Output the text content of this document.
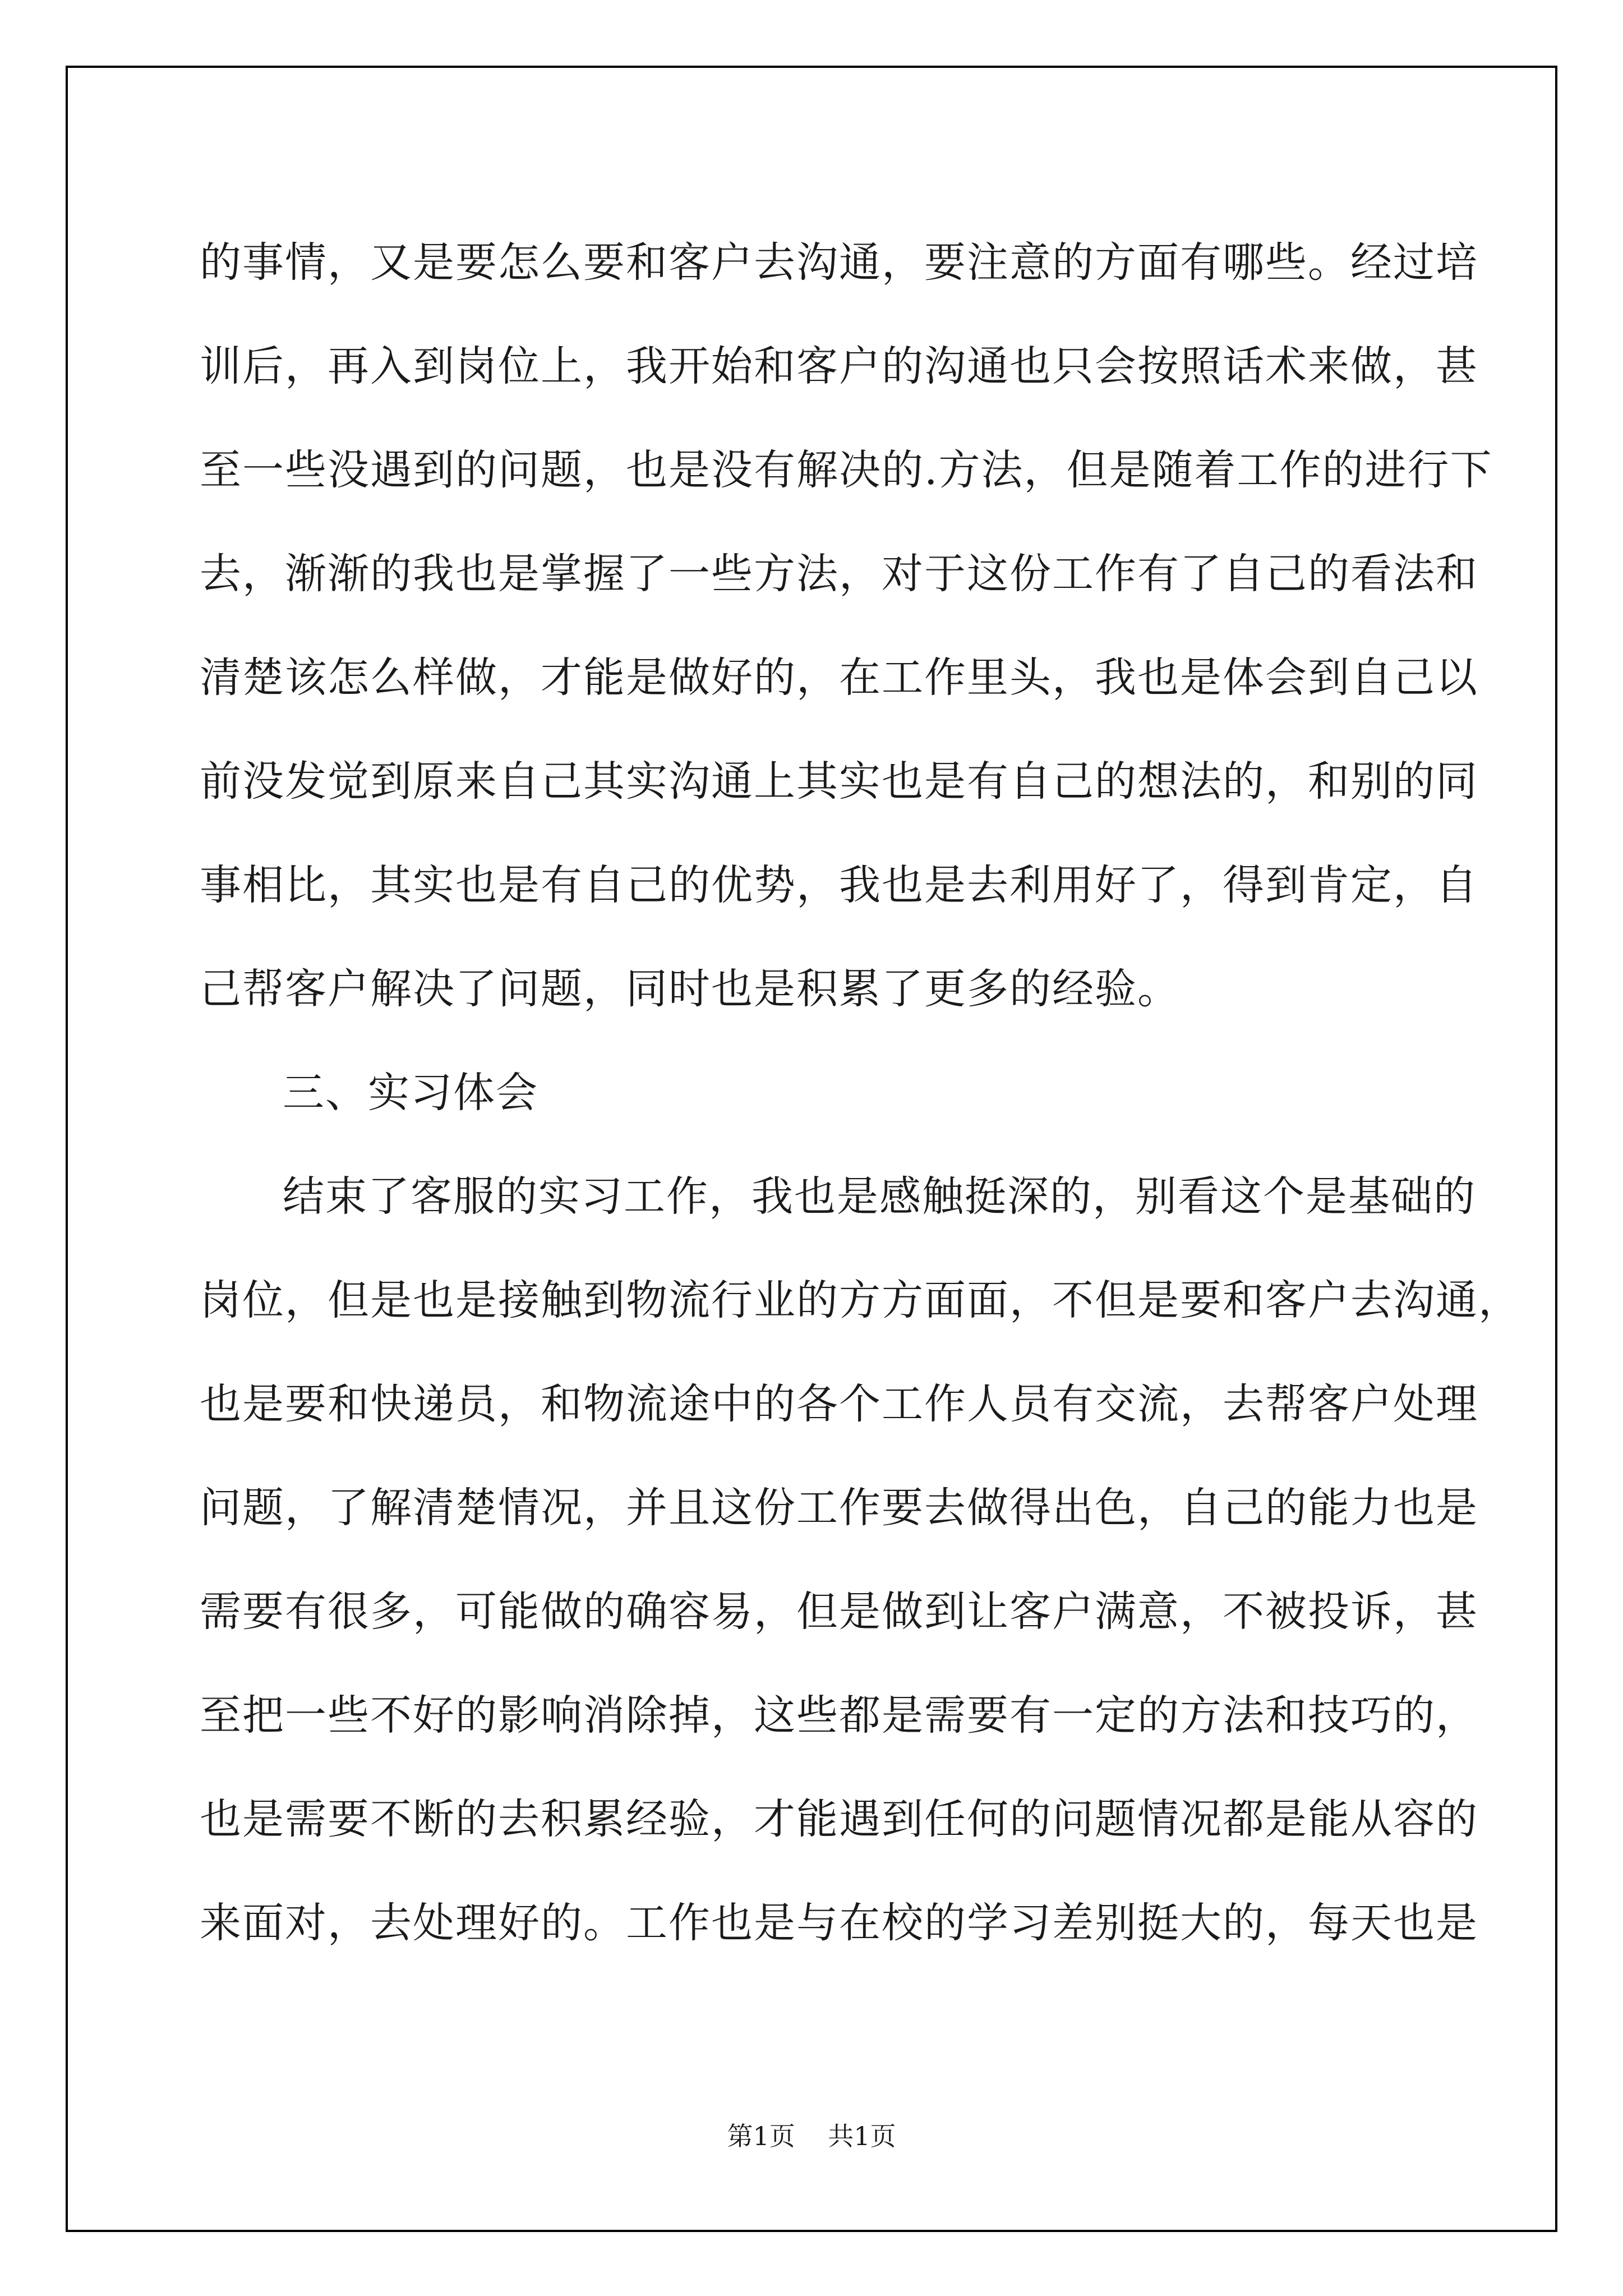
的事情，又是要怎么要和客户去沟通，要注意的方面有哪些。经过培
训后，再入到岗位上，我开始和客户的沟通也只会按照话术来做，甚
至一些没遇到的问题，也是没有解决的.方法，但是随着工作的进行下
去，渐渐的我也是掌握了一些方法，对于这份工作有了自己的看法和
清楚该怎么样做，才能是做好的，在工作里头，我也是体会到自己以
前没发觉到原来自己其实沟通上其实也是有自己的想法的，和别的同
事相比，其实也是有自己的优势，我也是去利用好了，得到肯定，自
己帮客户解决了问题，同时也是积累了更多的经验。
三、实习体会
结束了客服的实习工作，我也是感触挺深的，别看这个是基础的
岗位，但是也是接触到物流行业的方方面面，不但是要和客户去沟通，
也是要和快递员，和物流途中的各个工作人员有交流，去帮客户处理
问题，了解清楚情况，并且这份工作要去做得出色，自己的能力也是
需要有很多，可能做的确容易，但是做到让客户满意，不被投诉，甚
至把一些不好的影响消除掉，这些都是需要有一定的方法和技巧的，
也是需要不断的去积累经验，才能遇到任何的问题情况都是能从容的
来面对，去处理好的。工作也是与在校的学习差别挺大的，每天也是
第1页 共1页
